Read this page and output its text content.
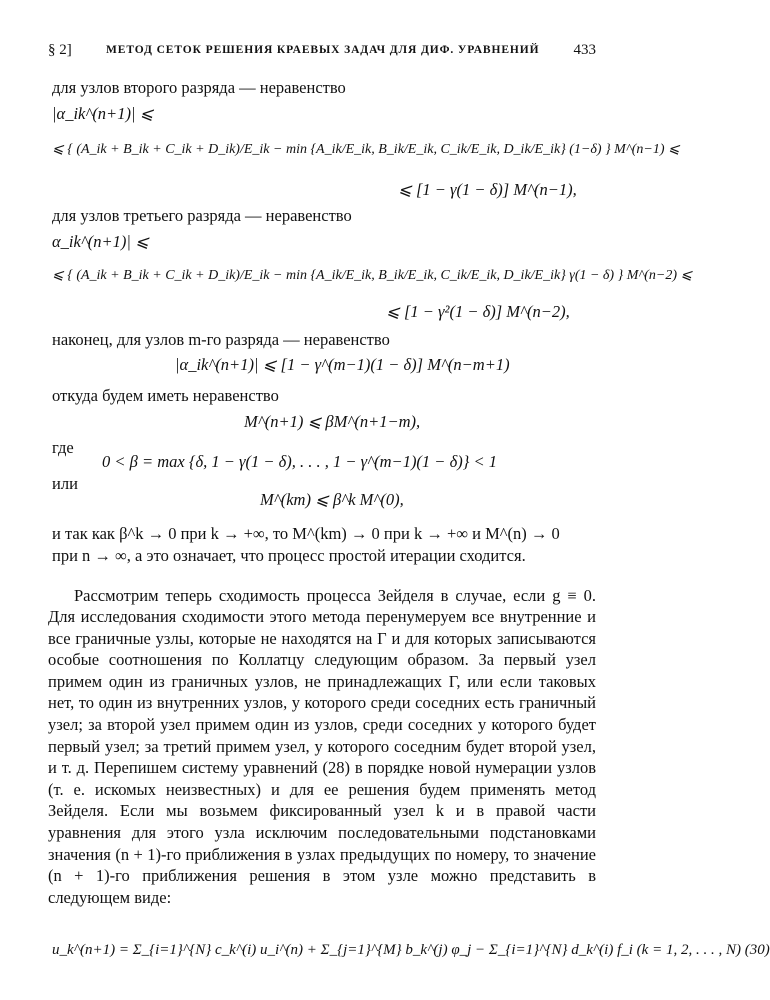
§ 2]	МЕТОД СЕТОК РЕШЕНИЯ КРАЕВЫХ ЗАДАЧ ДЛЯ ДИФ. УРАВНЕНИЙ 433
для узлов второго разряда — неравенство
|α_ik^(n+1)| ⩽
⩽ { (A_ik + B_ik + C_ik + D_ik)/E_ik − min {A_ik/E_ik, B_ik/E_ik, C_ik/E_ik, D_ik/E_ik} (1−δ) } M^(n−1) ⩽
⩽ [1 − γ(1 − δ)] M^(n−1),
для узлов третьего разряда — неравенство
α_ik^(n+1)| ⩽
⩽ { (A_ik + B_ik + C_ik + D_ik)/E_ik − min {A_ik/E_ik, B_ik/E_ik, C_ik/E_ik, D_ik/E_ik} γ(1 − δ) } M^(n−2) ⩽
⩽ [1 − γ²(1 − δ)] M^(n−2),
наконец, для узлов m-го разряда — неравенство
|α_ik^(n+1)| ⩽ [1 − γ^(m−1)(1 − δ)] M^(n−m+1)
откуда будем иметь неравенство
M^(n+1) ⩽ βM^(n+1−m),
где
0 < β = max {δ, 1 − γ(1 − δ), . . . , 1 − γ^(m−1)(1 − δ)} < 1
или
M^(km) ⩽ β^k M^(0),
и так как β^k → 0 при k → +∞, то M^(km) → 0 при k → +∞ и M^(n) → 0
при n → ∞, а это означает, что процесс простой итерации сходится.

Рассмотрим теперь сходимость процесса Зейделя в случае, если g ≡ 0. Для исследования сходимости этого метода перенумеруем все внутренние и все граничные узлы, которые не находятся на Γ и для которых записываются особые соотношения по Коллатцу следующим образом. За первый узел примем один из граничных узлов, не принадлежащих Γ, или если таковых нет, то один из внутренних узлов, у которого среди соседних есть граничный узел; за второй узел примем один из узлов, среди соседних у которого будет первый узел; за третий примем узел, у которого соседним будет второй узел, и т. д. Перепишем систему уравнений (28) в порядке новой нумерации узлов (т. е. искомых неизвестных) и для ее решения будем применять метод Зейделя. Если мы возьмем фиксированный узел k и в правой части уравнения для этого узла исключим последовательными подстановками значения (n + 1)-го приближения в узлах предыдущих по номеру, то значение (n + 1)-го приближения решения в этом узле можно представить в следующем виде:

u_k^(n+1) = Σ_{i=1}^{N} c_k^(i) u_i^(n) + Σ_{j=1}^{M} b_k^(j) φ_j − Σ_{i=1}^{N} d_k^(i) f_i (k = 1, 2, . . . , N) (30)
